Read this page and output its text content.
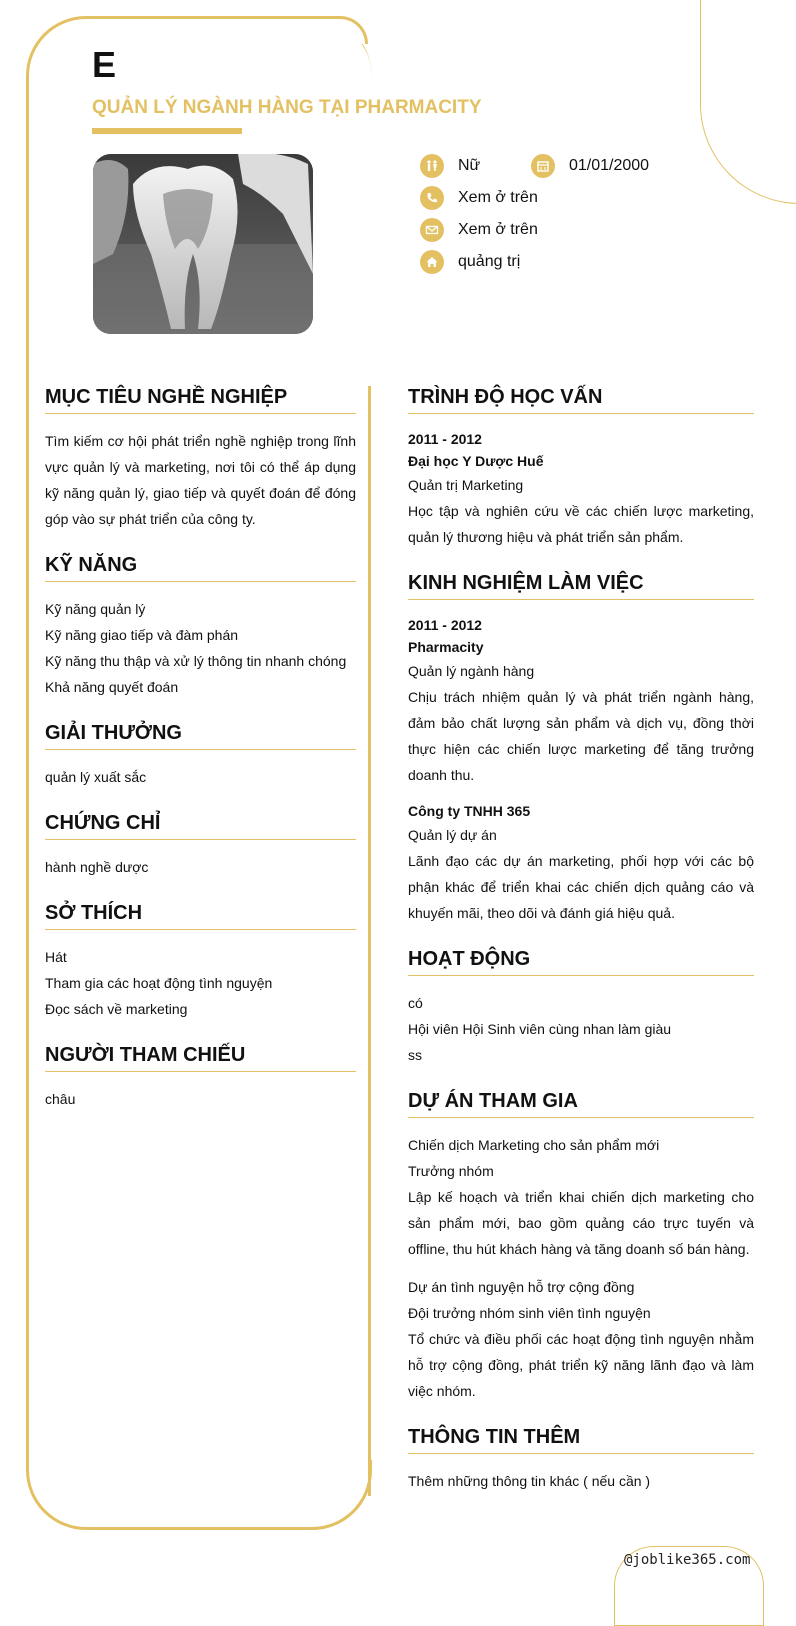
E
QUẢN LÝ NGÀNH HÀNG TẠI PHARMACITY
Nữ	01/01/2000
Xem ở trên
Xem ở trên
quảng trị
MỤC TIÊU NGHỀ NGHIỆP

Tìm kiếm cơ hội phát triển nghề nghiệp trong lĩnh vực quản lý và marketing, nơi tôi có thể áp dụng kỹ năng quản lý, giao tiếp và quyết đoán để đóng góp vào sự phát triển của công ty.

KỸ NĂNG

Kỹ năng quản lý

Kỹ năng giao tiếp và đàm phán

Kỹ năng thu thập và xử lý thông tin nhanh chóng

Khả năng quyết đoán

GIẢI THƯỞNG

quản lý xuất sắc

CHỨNG CHỈ

hành nghề dược

SỞ THÍCH

Hát

Tham gia các hoạt động tình nguyện

Đọc sách về marketing

NGƯỜI THAM CHIẾU

châu

TRÌNH ĐỘ HỌC VẤN

2011 - 2012

Đại học Y Dược Huế

Quản trị Marketing

Học tập và nghiên cứu về các chiến lược marketing, quản lý thương hiệu và phát triển sản phẩm.

KINH NGHIỆM LÀM VIỆC

2011 - 2012

Pharmacity

Quản lý ngành hàng

Chịu trách nhiệm quản lý và phát triển ngành hàng, đảm bảo chất lượng sản phẩm và dịch vụ, đồng thời thực hiện các chiến lược marketing để tăng trưởng doanh thu.

Công ty TNHH 365

Quản lý dự án

Lãnh đạo các dự án marketing, phối hợp với các bộ phận khác để triển khai các chiến dịch quảng cáo và khuyến mãi, theo dõi và đánh giá hiệu quả.

HOẠT ĐỘNG

có

Hội viên Hội Sinh viên cùng nhan làm giàu

ss

DỰ ÁN THAM GIA

Chiến dịch Marketing cho sản phẩm mới

Trưởng nhóm

Lập kế hoạch và triển khai chiến dịch marketing cho sản phẩm mới, bao gồm quảng cáo trực tuyến và offline, thu hút khách hàng và tăng doanh số bán hàng.

Dự án tình nguyện hỗ trợ cộng đồng

Đội trưởng nhóm sinh viên tình nguyện

Tổ chức và điều phối các hoạt động tình nguyện nhằm hỗ trợ cộng đồng, phát triển kỹ năng lãnh đạo và làm việc nhóm.

THÔNG TIN THÊM

Thêm những thông tin khác ( nếu cần )

@joblike365.com
